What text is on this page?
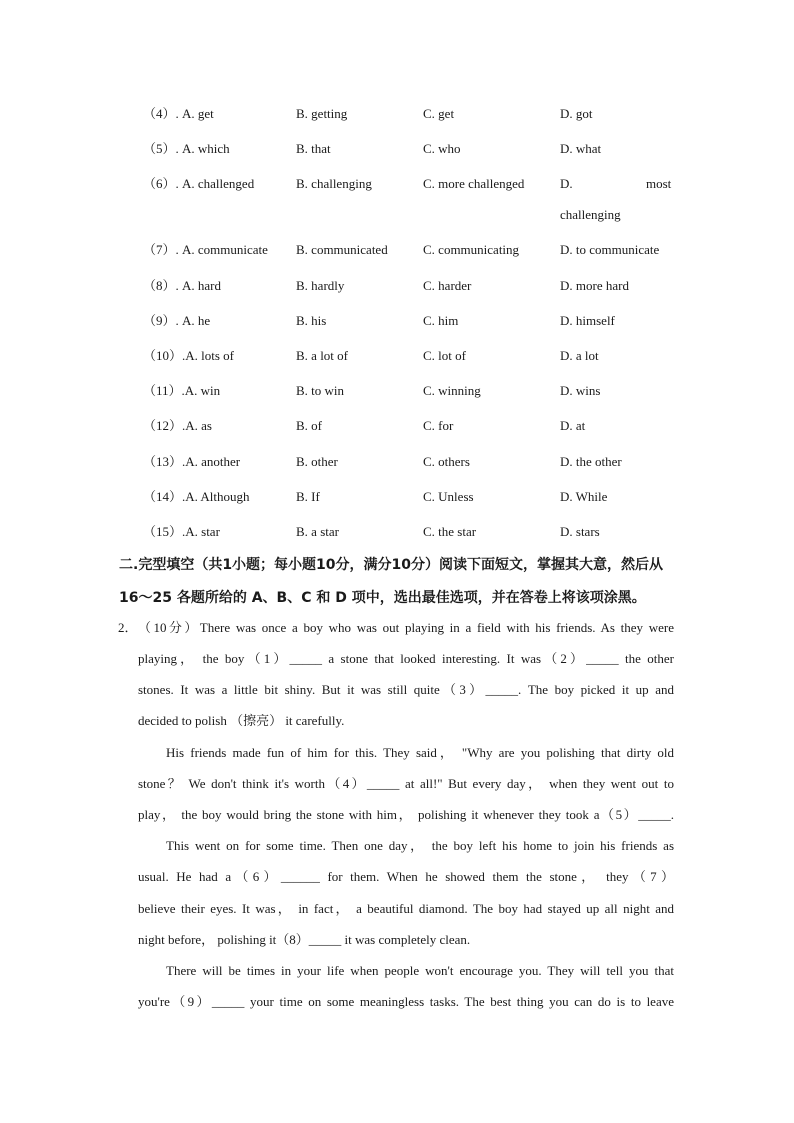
（4）. A. get	B. getting	C. get	D. got
（5）. A. which	B. that	C. who	D. what
（6）. A. challenged	B. challenging	C. more challenged	D.	most
challenging
（7）. A. communicate B. communicated	C. communicating	D. to communicate
（8）. A. hard	B. hardly	C. harder	D. more hard
（9）. A. he	B. his	C. him	D. himself
（10）.A. lots of	B. a lot of	C. lot of	D. a lot
（11）.A. win	B. to win	C. winning	D. wins
（12）.A. as	B. of	C. for	D. at
（13）.A. another	B. other	C. others	D. the other
（14）.A. Although	B. If	C. Unless	D. While
（15）.A. star	B. a star	C. the star	D. stars
二.完型填空（共1小题；每小题10分，满分10分）阅读下面短文，掌握其大意，然后从
16～25 各题所给的 A、B、C 和 D 项中，选出最佳选项，并在答卷上将该项涂黑。
2． （10分）There was once a boy who was out playing in a field with his friends. As they were
playing， the boy（1）_____ a stone that looked interesting. It was（2）_____ the other
stones. It was a little bit shiny. But it was still quite（3）_____. The boy picked it up and
decided to polish （擦亮） it carefully.
His friends made fun of him for this. They said， "Why are you polishing that dirty old
stone？ We don't think it's worth（4）_____ at all!" But every day， when they went out to
play， the boy would bring the stone with him， polishing it whenever they took a（5）_____.
This went on for some time. Then one day， the boy left his home to join his friends as
usual. He had a（6）______ for them. When he showed them the stone， they（7）
believe their eyes. It was， in fact， a beautiful diamond. The boy had stayed up all night and
night before， polishing it（8）_____ it was completely clean.
There will be times in your life when people won't encourage you. They will tell you that
you're（9）_____ your time on some meaningless tasks. The best thing you can do is to leave
